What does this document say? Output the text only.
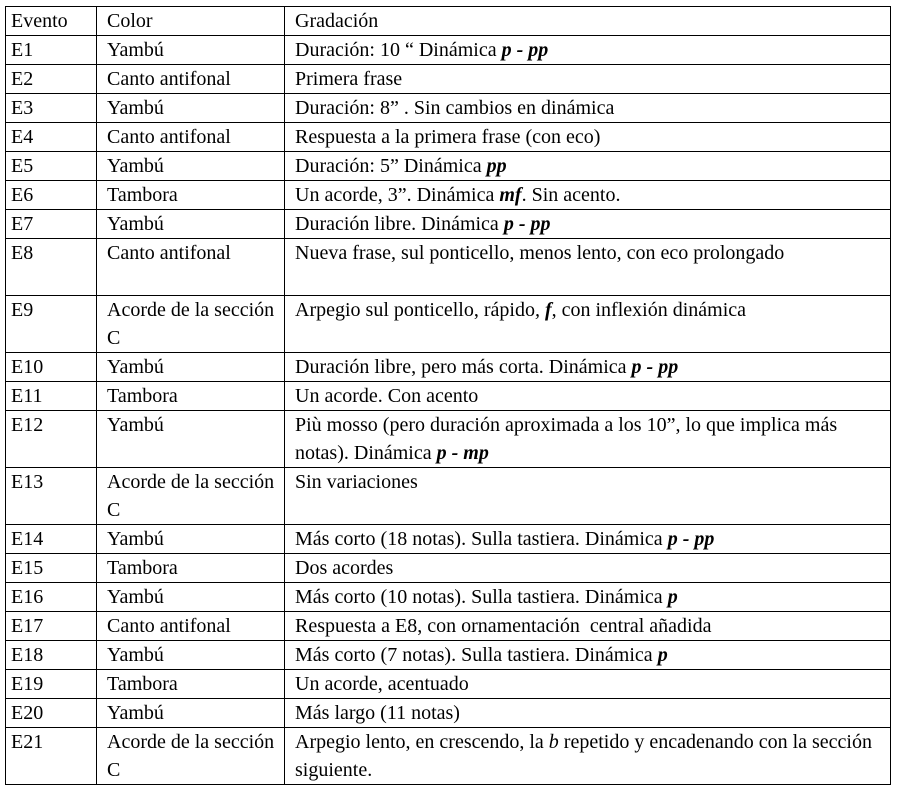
Evento	Color	Gradación
E1	Yambú	Duración: 10 “ Dinámica p - pp
E2	Canto antifonal	Primera frase
E3	Yambú	Duración: 8” . Sin cambios en dinámica
E4	Canto antifonal	Respuesta a la primera frase (con eco)
E5	Yambú	Duración: 5” Dinámica pp
E6	Tambora	Un acorde, 3”. Dinámica mf. Sin acento.
E7	Yambú	Duración libre. Dinámica p - pp
E8	Canto antifonal	Nueva frase, sul ponticello, menos lento, con eco prolongado
E9	Acorde de la sección C	Arpegio sul ponticello, rápido, f, con inflexión dinámica
E10	Yambú	Duración libre, pero más corta. Dinámica p - pp
E11	Tambora	Un acorde. Con acento
E12	Yambú	Più mosso (pero duración aproximada a los 10”, lo que implica más notas). Dinámica p - mp
E13	Acorde de la sección C	Sin variaciones
E14	Yambú	Más corto (18 notas). Sulla tastiera. Dinámica p - pp
E15	Tambora	Dos acordes
E16	Yambú	Más corto (10 notas). Sulla tastiera. Dinámica p
E17	Canto antifonal	Respuesta a E8, con ornamentación  central añadida
E18	Yambú	Más corto (7 notas). Sulla tastiera. Dinámica p
E19	Tambora	Un acorde, acentuado
E20	Yambú	Más largo (11 notas)
E21	Acorde de la sección C	Arpegio lento, en crescendo, la b repetido y encadenando con la sección siguiente.
